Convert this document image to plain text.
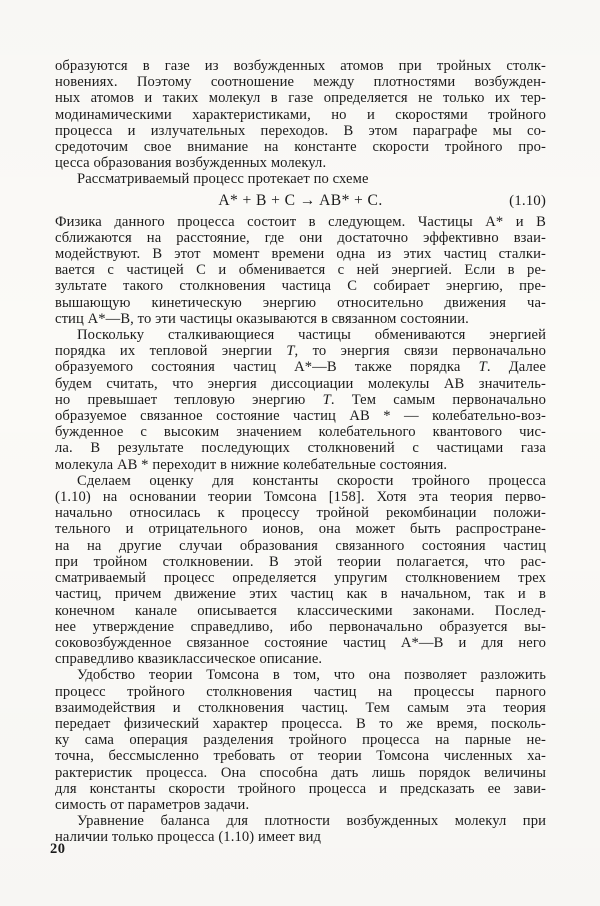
образуются в газе из возбужденных атомов при тройных столк-
новениях. Поэтому соотношение между плотностями возбужден-
ных атомов и таких молекул в газе определяется не только их тер-
модинамическими характеристиками, но и скоростями тройного
процесса и излучательных переходов. В этом параграфе мы со-
средоточим свое внимание на константе скорости тройного про-
цесса образования возбужденных молекул.
Рассматриваемый процесс протекает по схеме
A* + B + C → AB* + C.	(1.10)
Физика данного процесса состоит в следующем. Частицы A* и B
сближаются на расстояние, где они достаточно эффективно взаи-
модействуют. В этот момент времени одна из этих частиц сталки-
вается с частицей C и обменивается с ней энергией. Если в ре-
зультате такого столкновения частица C собирает энергию, пре-
вышающую кинетическую энергию относительно движения ча-
стиц A*—B, то эти частицы оказываются в связанном состоянии.
Поскольку сталкивающиеся частицы обмениваются энергией
порядка их тепловой энергии T, то энергия связи первоначально
образуемого состояния частиц A*—B также порядка T. Далее
будем считать, что энергия диссоциации молекулы AB значитель-
но превышает тепловую энергию T. Тем самым первоначально
образуемое связанное состояние частиц AB * — колебательно-воз-
бужденное с высоким значением колебательного квантового чис-
ла. В результате последующих столкновений с частицами газа
молекула AB * переходит в нижние колебательные состояния.
Сделаем оценку для константы скорости тройного процесса
(1.10) на основании теории Томсона [158]. Хотя эта теория перво-
начально относилась к процессу тройной рекомбинации положи-
тельного и отрицательного ионов, она может быть распростране-
на на другие случаи образования связанного состояния частиц
при тройном столкновении. В этой теории полагается, что рас-
сматриваемый процесс определяется упругим столкновением трех
частиц, причем движение этих частиц как в начальном, так и в
конечном канале описывается классическими законами. Послед-
нее утверждение справедливо, ибо первоначально образуется вы-
соковозбужденное связанное состояние частиц A*—B и для него
справедливо квазиклассическое описание.
Удобство теории Томсона в том, что она позволяет разложить
процесс тройного столкновения частиц на процессы парного
взаимодействия и столкновения частиц. Тем самым эта теория
передает физический характер процесса. В то же время, посколь-
ку сама операция разделения тройного процесса на парные не-
точна, бессмысленно требовать от теории Томсона численных ха-
рактеристик процесса. Она способна дать лишь порядок величины
для константы скорости тройного процесса и предсказать ее зави-
симость от параметров задачи.
Уравнение баланса для плотности возбужденных молекул при
наличии только процесса (1.10) имеет вид
20
